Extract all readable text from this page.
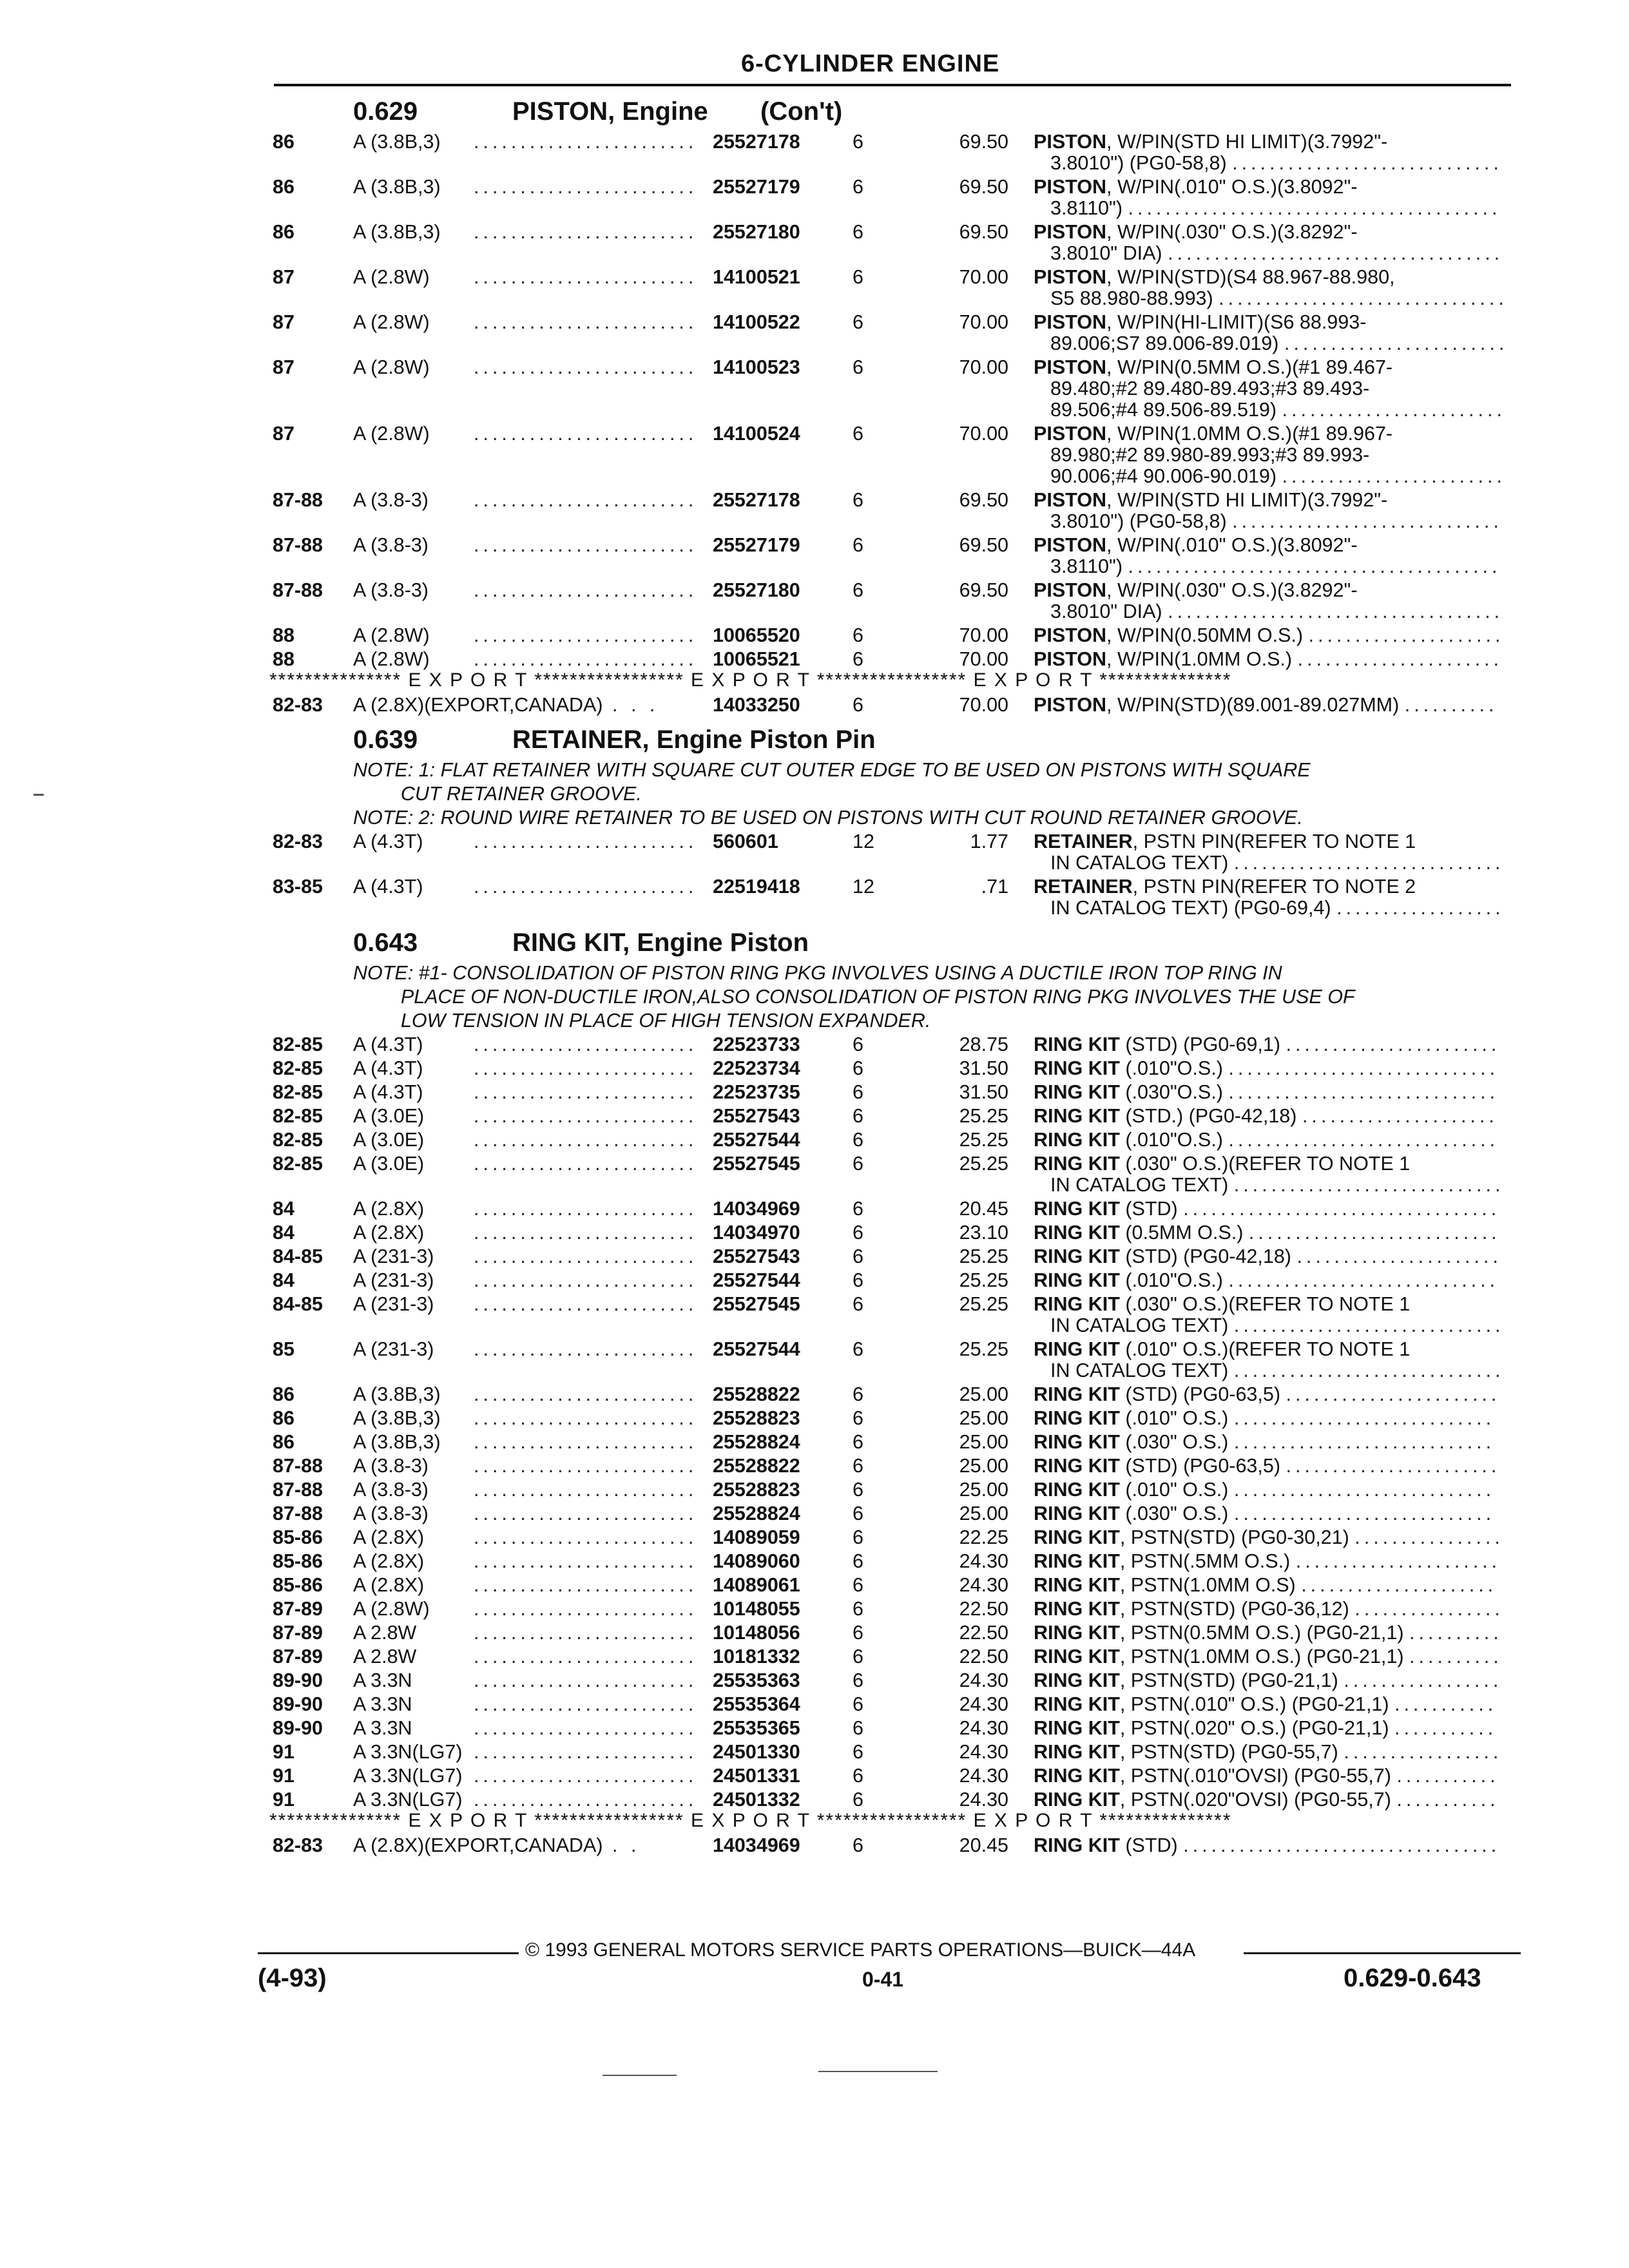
6-CYLINDER ENGINE
0.629	PISTON, Engine (Con't)
86	A (3.8B,3) ........................ 25527178	6	69.50 PISTON, W/PIN(STD HI LIMIT)(3.7992"-
3.8010") (PG0-58,8) .............................
86	A (3.8B,3) ........................ 25527179	6	69.50 PISTON, W/PIN(.010" O.S.)(3.8092"-
3.8110") ........................................
86	A (3.8B,3) ........................ 25527180	6	69.50 PISTON, W/PIN(.030" O.S.)(3.8292"-
3.8010" DIA) ....................................
87	A (2.8W) ........................ 14100521	6	70.00 PISTON, W/PIN(STD)(S4 88.967-88.980,
S5 88.980-88.993) ...............................
87	A (2.8W) ........................ 14100522	6	70.00 PISTON, W/PIN(HI-LIMIT)(S6 88.993-
89.006;S7 89.006-89.019) ........................
87	A (2.8W) ........................ 14100523	6	70.00 PISTON, W/PIN(0.5MM O.S.)(#1 89.467-
89.480;#2 89.480-89.493;#3 89.493-
89.506;#4 89.506-89.519) ........................
87	A (2.8W) ........................ 14100524	6	70.00 PISTON, W/PIN(1.0MM O.S.)(#1 89.967-
89.980;#2 89.980-89.993;#3 89.993-
90.006;#4 90.006-90.019) ........................
87-88 A (3.8-3) ........................ 25527178	6	69.50 PISTON, W/PIN(STD HI LIMIT)(3.7992"-
3.8010") (PG0-58,8) .............................
87-88 A (3.8-3) ........................ 25527179	6	69.50 PISTON, W/PIN(.010" O.S.)(3.8092"-
3.8110") ........................................
87-88 A (3.8-3) ........................ 25527180	6	69.50 PISTON, W/PIN(.030" O.S.)(3.8292"-
3.8010" DIA) ....................................
88	A (2.8W) ........................ 10065520	6	70.00 PISTON, W/PIN(0.50MM O.S.) .....................
88	A (2.8W) ........................ 10065521	6	70.00 PISTON, W/PIN(1.0MM O.S.) ......................
*************** E X P O R T ***************** E X P O R T ***************** E X P O R T ***************
82-83 A (2.8X)(EXPORT,CANADA) . . .	14033250	6	70.00 PISTON, W/PIN(STD)(89.001-89.027MM) ..........
0.639	RETAINER, Engine Piston Pin
NOTE: 1: FLAT RETAINER WITH SQUARE CUT OUTER EDGE TO BE USED ON PISTONS WITH SQUARE
CUT RETAINER GROOVE.
NOTE: 2: ROUND WIRE RETAINER TO BE USED ON PISTONS WITH CUT ROUND RETAINER GROOVE.
82-83 A (4.3T)	........................ 560601	12	1.77 RETAINER, PSTN PIN(REFER TO NOTE 1
IN CATALOG TEXT) .............................
83-85 A (4.3T)	........................ 22519418	12	.71 RETAINER, PSTN PIN(REFER TO NOTE 2
IN CATALOG TEXT) (PG0-69,4) ..................
0.643	RING KIT, Engine Piston
NOTE: #1- CONSOLIDATION OF PISTON RING PKG INVOLVES USING A DUCTILE IRON TOP RING IN
PLACE OF NON-DUCTILE IRON,ALSO CONSOLIDATION OF PISTON RING PKG INVOLVES THE USE OF
LOW TENSION IN PLACE OF HIGH TENSION EXPANDER.
82-85 A (4.3T)	........................ 22523733	6	28.75 RING KIT (STD) (PG0-69,1) .......................
82-85 A (4.3T)	........................ 22523734	6	31.50 RING KIT (.010"O.S.) .............................
82-85 A (4.3T)	........................ 22523735	6	31.50 RING KIT (.030"O.S.) .............................
82-85 A (3.0E)	........................ 25527543	6	25.25 RING KIT (STD.) (PG0-42,18) .....................
82-85 A (3.0E)	........................ 25527544	6	25.25 RING KIT (.010"O.S.) .............................
82-85 A (3.0E)	........................ 25527545	6	25.25 RING KIT (.030" O.S.)(REFER TO NOTE 1
IN CATALOG TEXT) .............................
84	A (2.8X)	........................ 14034969	6	20.45 RING KIT (STD) ..................................
84	A (2.8X)	........................ 14034970	6	23.10 RING KIT (0.5MM O.S.) ...........................
84-85 A (231-3) ........................ 25527543	6	25.25 RING KIT (STD) (PG0-42,18) ......................
84	A (231-3) ........................ 25527544	6	25.25 RING KIT (.010"O.S.) .............................
84-85 A (231-3) ........................ 25527545	6	25.25 RING KIT (.030" O.S.)(REFER TO NOTE 1
IN CATALOG TEXT) .............................
85	A (231-3) ........................ 25527544	6	25.25 RING KIT (.010" O.S.)(REFER TO NOTE 1
IN CATALOG TEXT) .............................
86	A (3.8B,3) ........................ 25528822	6	25.00 RING KIT (STD) (PG0-63,5) .......................
86	A (3.8B,3) ........................ 25528823	6	25.00 RING KIT (.010" O.S.) ............................
86	A (3.8B,3) ........................ 25528824	6	25.00 RING KIT (.030" O.S.) ............................
87-88 A (3.8-3) ........................ 25528822	6	25.00 RING KIT (STD) (PG0-63,5) .......................
87-88 A (3.8-3) ........................ 25528823	6	25.00 RING KIT (.010" O.S.) ............................
87-88 A (3.8-3) ........................ 25528824	6	25.00 RING KIT (.030" O.S.) ............................
85-86 A (2.8X)	........................ 14089059	6	22.25 RING KIT, PSTN(STD) (PG0-30,21) ................
85-86 A (2.8X)	........................ 14089060	6	24.30 RING KIT, PSTN(.5MM O.S.) ......................
85-86 A (2.8X)	........................ 14089061	6	24.30 RING KIT, PSTN(1.0MM O.S) .....................
87-89 A (2.8W) ........................ 10148055	6	22.50 RING KIT, PSTN(STD) (PG0-36,12) ................
87-89 A 2.8W	........................ 10148056	6	22.50 RING KIT, PSTN(0.5MM O.S.) (PG0-21,1) ..........
87-89 A 2.8W	........................ 10181332	6	22.50 RING KIT, PSTN(1.0MM O.S.) (PG0-21,1) ..........
89-90 A 3.3N	........................ 25535363	6	24.30 RING KIT, PSTN(STD) (PG0-21,1) .................
89-90 A 3.3N	........................ 25535364	6	24.30 RING KIT, PSTN(.010" O.S.) (PG0-21,1) ...........
89-90 A 3.3N	........................ 25535365	6	24.30 RING KIT, PSTN(.020" O.S.) (PG0-21,1) ...........
91	A 3.3N(LG7) ........................ 24501330	6	24.30 RING KIT, PSTN(STD) (PG0-55,7) .................
91	A 3.3N(LG7) ........................ 24501331	6	24.30 RING KIT, PSTN(.010"OVSI) (PG0-55,7) ...........
91	A 3.3N(LG7) ........................ 24501332	6	24.30 RING KIT, PSTN(.020"OVSI) (PG0-55,7) ...........
*************** E X P O R T ***************** E X P O R T ***************** E X P O R T ***************
82-83 A (2.8X)(EXPORT,CANADA) . .	14034969	6	20.45 RING KIT (STD) ..................................
© 1993 GENERAL MOTORS SERVICE PARTS OPERATIONS—BUICK—44A
(4-93)	0-41	0.629-0.643
